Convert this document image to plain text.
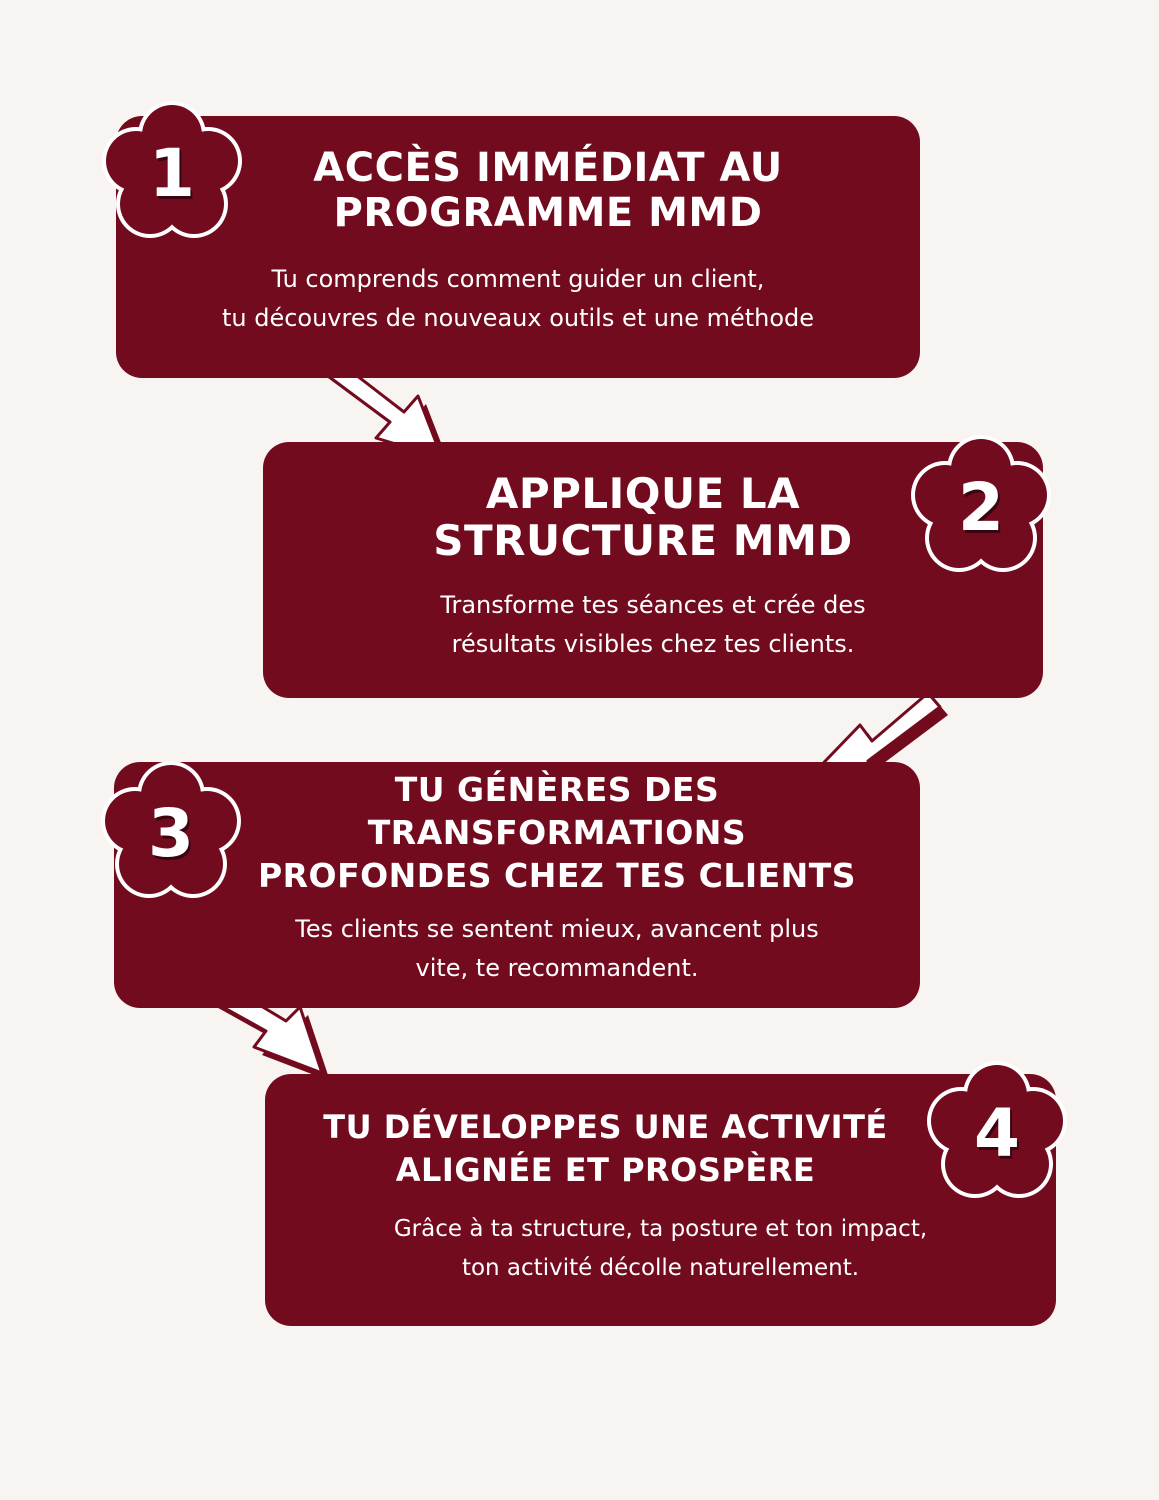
ACCÈS IMMÉDIAT AU
PROGRAMME MMD

Tu comprends comment guider un client,
tu découvres de nouveaux outils et une méthode

APPLIQUE LA
STRUCTURE MMD

Transforme tes séances et crée des
résultats visibles chez tes clients.

TU GÉNÈRES DES
TRANSFORMATIONS
PROFONDES CHEZ TES CLIENTS

Tes clients se sentent mieux, avancent plus
vite, te recommandent.

TU DÉVELOPPES UNE ACTIVITÉ
ALIGNÉE ET PROSPÈRE

Grâce à ta structure, ta posture et ton impact,
ton activité décolle naturellement.

1
2
3
4
